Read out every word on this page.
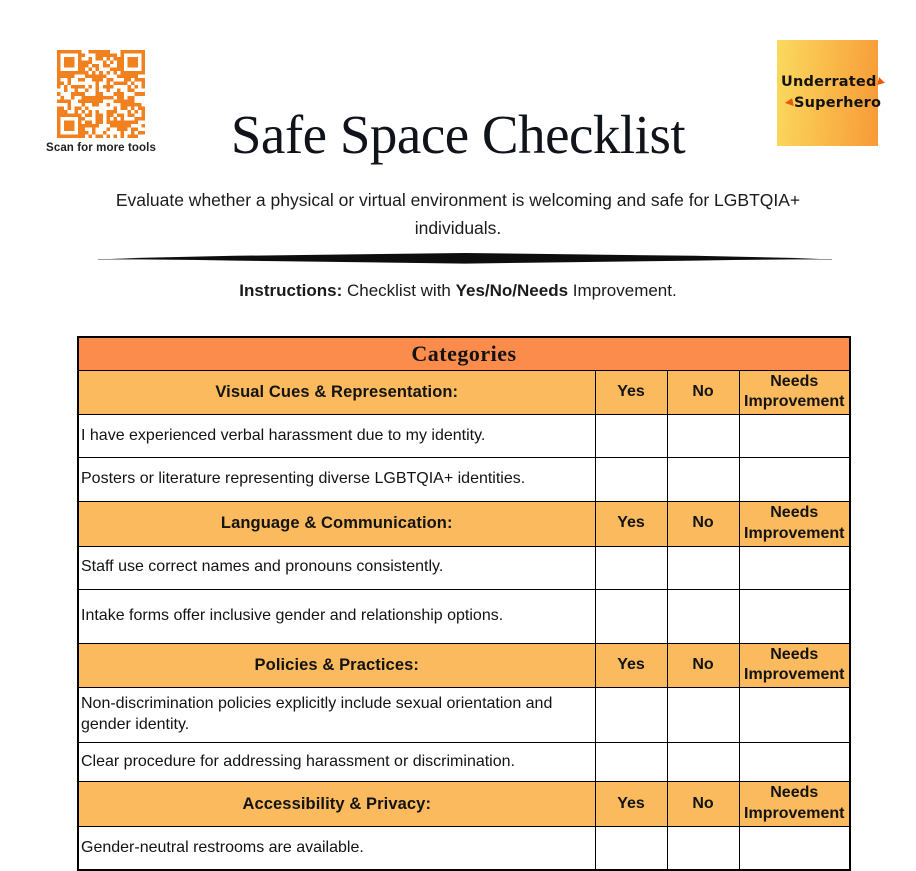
Scan for more tools
Underrated
Superhero
Safe Space Checklist
Evaluate whether a physical or virtual environment is welcoming and safe for LGBTQIA+ individuals.
Instructions: Checklist with Yes/No/Needs Improvement.
Categories			
Visual Cues & Representation:	Yes	No	Needs Improvement
I have experienced verbal harassment due to my identity.			
Posters or literature representing diverse LGBTQIA+ identities.			
Language & Communication:	Yes	No	Needs Improvement
Staff use correct names and pronouns consistently.			
Intake forms offer inclusive gender and relationship options.			
Policies & Practices:	Yes	No	Needs Improvement
Non-discrimination policies explicitly include sexual orientation and gender identity.			
Clear procedure for addressing harassment or discrimination.			
Accessibility & Privacy:	Yes	No	Needs Improvement
Gender-neutral restrooms are available.			
